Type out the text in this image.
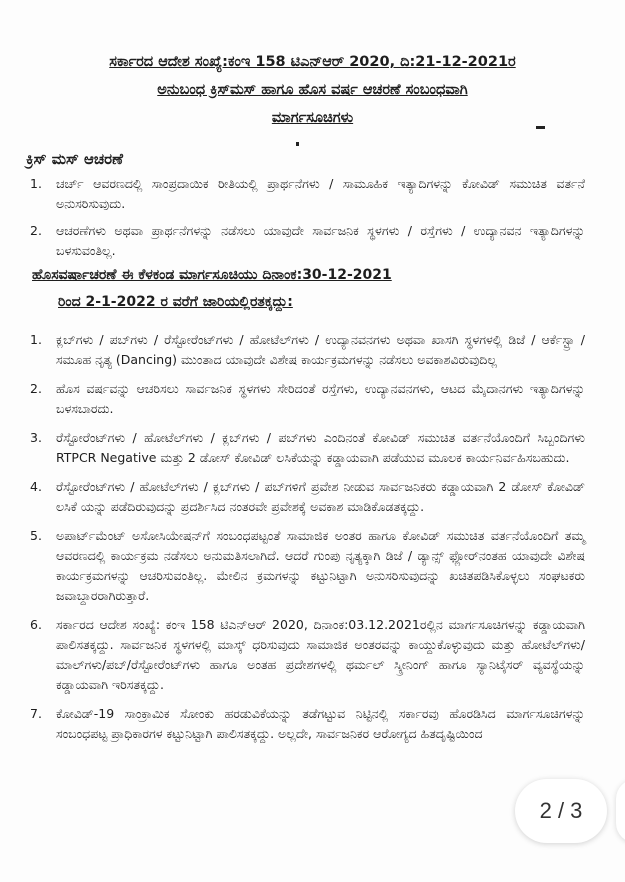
ಸರ್ಕಾರದ ಆದೇಶ ಸಂಖ್ಯೆ:ಕಂಇ 158 ಟಿಎನ್‌ಆರ್ 2020, ದಿ:21-12-2021ರ
ಅನುಬಂಧ ಕ್ರಿಸ್‌ಮಸ್ ಹಾಗೂ ಹೊಸ ವರ್ಷ ಆಚರಣೆ ಸಂಬಂಧವಾಗಿ
ಮಾರ್ಗಸೂಚಿಗಳು
ಕ್ರಿಸ್ ಮಸ್ ಆಚರಣೆ
1. ಚರ್ಚ್ ಆವರಣದಲ್ಲಿ ಸಾಂಪ್ರದಾಯಿಕ ರೀತಿಯಲ್ಲಿ ಪ್ರಾರ್ಥನೆಗಳು / ಸಾಮೂಹಿಕ ಇತ್ಯಾದಿಗಳನ್ನು ಕೋವಿಡ್ ಸಮುಚಿತ ವರ್ತನೆ ಅನುಸರಿಸುವುದು.
2. ಆಚರಣೆಗಳು ಅಥವಾ ಪ್ರಾರ್ಥನೆಗಳನ್ನು ನಡೆಸಲು ಯಾವುದೇ ಸಾರ್ವಜನಿಕ ಸ್ಥಳಗಳು / ರಸ್ತೆಗಳು / ಉದ್ಯಾನವನ ಇತ್ಯಾದಿಗಳನ್ನು ಬಳಸುವಂತಿಲ್ಲ.
ಹೊಸವರ್ಷಾಚರಣೆ ಈ ಕೆಳಕಂಡ ಮಾರ್ಗಸೂಚಿಯು ದಿನಾಂಕ:30-12-2021
ರಿಂದ 2-1-2022 ರ ವರೆಗೆ ಜಾರಿಯಲ್ಲಿರತಕ್ಕದ್ದು:
1. ಕ್ಲಬ್‌ಗಳು / ಪಬ್‌ಗಳು / ರೆಸ್ಟೋರೆಂಟ್‌ಗಳು / ಹೋಟೆಲ್‌ಗಳು / ಉದ್ಯಾನವನಗಳು ಅಥವಾ ಖಾಸಗಿ ಸ್ಥಳಗಳಲ್ಲಿ ಡಿಜೆ / ಆರ್ಕೆಸ್ಟ್ರಾ / ಸಮೂಹ ನೃತ್ಯ (Dancing) ಮುಂತಾದ ಯಾವುದೇ ವಿಶೇಷ ಕಾರ್ಯಕ್ರಮಗಳನ್ನು ನಡೆಸಲು ಅವಕಾಶವಿರುವುದಿಲ್ಲ
2. ಹೊಸ ವರ್ಷವನ್ನು ಆಚರಿಸಲು ಸಾರ್ವಜನಿಕ ಸ್ಥಳಗಳು ಸೇರಿದಂತೆ ರಸ್ತೆಗಳು, ಉದ್ಯಾನವನಗಳು, ಆಟದ ಮೈದಾನಗಳು ಇತ್ಯಾದಿಗಳನ್ನು ಬಳಸಬಾರದು.
3. ರೆಸ್ಟೋರೆಂಟ್‌ಗಳು / ಹೋಟೆಲ್‌ಗಳು / ಕ್ಲಬ್‌ಗಳು / ಪಬ್‌ಗಳು ಎಂದಿನಂತೆ ಕೋವಿಡ್ ಸಮುಚಿತ ವರ್ತನೆಯೊಂದಿಗೆ ಸಿಬ್ಬಂದಿಗಳು RTPCR Negative ಮತ್ತು 2 ಡೋಸ್ ಕೋವಿಡ್ ಲಸಿಕೆಯನ್ನು ಕಡ್ಡಾಯವಾಗಿ ಪಡೆಯುವ ಮೂಲಕ ಕಾರ್ಯನಿರ್ವಹಿಸಬಹುದು.
4. ರೆಸ್ಟೋರೆಂಟ್‌ಗಳು / ಹೋಟೆಲ್‌ಗಳು / ಕ್ಲಬ್‌ಗಳು / ಪಬ್‌ಗಳಿಗೆ ಪ್ರವೇಶ ನೀಡುವ ಸಾರ್ವಜನಿಕರು ಕಡ್ಡಾಯವಾಗಿ 2 ಡೋಸ್ ಕೋವಿಡ್ ಲಸಿಕೆ ಯನ್ನು ಪಡೆದಿರುವುದನ್ನು ಪ್ರದರ್ಶಿಸಿದ ನಂತರವೇ ಪ್ರವೇಶಕ್ಕೆ ಅವಕಾಶ ಮಾಡಿಕೊಡತಕ್ಕದ್ದು.
5. ಅಪಾರ್ಟ್‌ಮೆಂಟ್ ಅಸೋಸಿಯೇಷನ್‌ಗೆ ಸಂಬಂಧಪಟ್ಟಂತೆ ಸಾಮಾಜಿಕ ಅಂತರ ಹಾಗೂ ಕೋವಿಡ್ ಸಮುಚಿತ ವರ್ತನೆಯೊಂದಿಗೆ ತಮ್ಮ ಆವರಣದಲ್ಲಿ ಕಾರ್ಯಕ್ರಮ ನಡೆಸಲು ಅನುಮತಿಸಲಾಗಿದೆ. ಆದರೆ ಗುಂಪು ನೃತ್ಯಕ್ಕಾಗಿ ಡಿಜೆ / ಡ್ಯಾನ್ಸ್ ಫ್ಲೋರ್‌ನಂತಹ ಯಾವುದೇ ವಿಶೇಷ ಕಾರ್ಯಕ್ರಮಗಳನ್ನು ಆಚರಿಸುವಂತಿಲ್ಲ. ಮೇಲಿನ ಕ್ರಮಗಳನ್ನು ಕಟ್ಟುನಿಟ್ಟಾಗಿ ಅನುಸರಿಸುವುದನ್ನು ಖಚಿತಪಡಿಸಿಕೊಳ್ಳಲು ಸಂಘಟಕರು ಜವಾಬ್ದಾರರಾಗಿರುತ್ತಾರೆ.
6. ಸರ್ಕಾರದ ಆದೇಶ ಸಂಖ್ಯೆ: ಕಂಇ 158 ಟಿಎನ್‌ಆರ್ 2020, ದಿನಾಂಕ:03.12.2021ರಲ್ಲಿನ ಮಾರ್ಗಸೂಚಿಗಳನ್ನು ಕಡ್ಡಾಯವಾಗಿ ಪಾಲಿಸತಕ್ಕದ್ದು. ಸಾರ್ವಜನಿಕ ಸ್ಥಳಗಳಲ್ಲಿ ಮಾಸ್ಕ್ ಧರಿಸುವುದು ಸಾಮಾಜಿಕ ಅಂತರವನ್ನು ಕಾಯ್ದುಕೊಳ್ಳುವುದು ಮತ್ತು ಹೋಟೆಲ್‌ಗಳು/ಮಾಲ್‌ಗಳು/ಪಬ್/ರೆಸ್ಟೋರೆಂಟ್‌ಗಳು ಹಾಗೂ ಅಂತಹ ಪ್ರದೇಶಗಳಲ್ಲಿ ಥರ್ಮಲ್ ಸ್ಕ್ರೀನಿಂಗ್ ಹಾಗೂ ಸ್ಯಾನಿಟೈಸರ್ ವ್ಯವಸ್ಥೆಯನ್ನು ಕಡ್ಡಾಯವಾಗಿ ಇರಿಸತಕ್ಕದ್ದು.
7. ಕೋವಿಡ್-19 ಸಾಂಕ್ರಾಮಿಕ ಸೋಂಕು ಹರಡುವಿಕೆಯನ್ನು ತಡೆಗಟ್ಟುವ ನಿಟ್ಟಿನಲ್ಲಿ ಸರ್ಕಾರವು ಹೊರಡಿಸಿದ ಮಾರ್ಗಸೂಚಿಗಳನ್ನು ಸಂಬಂಧಪಟ್ಟ ಪ್ರಾಧಿಕಾರಗಳ ಕಟ್ಟುನಿಟ್ಟಾಗಿ ಪಾಲಿಸತಕ್ಕದ್ದು. ಅಲ್ಲದೇ, ಸಾರ್ವಜನಿಕರ ಆರೋಗ್ಯದ ಹಿತದೃಷ್ಟಿಯಿಂದ
2 / 3
